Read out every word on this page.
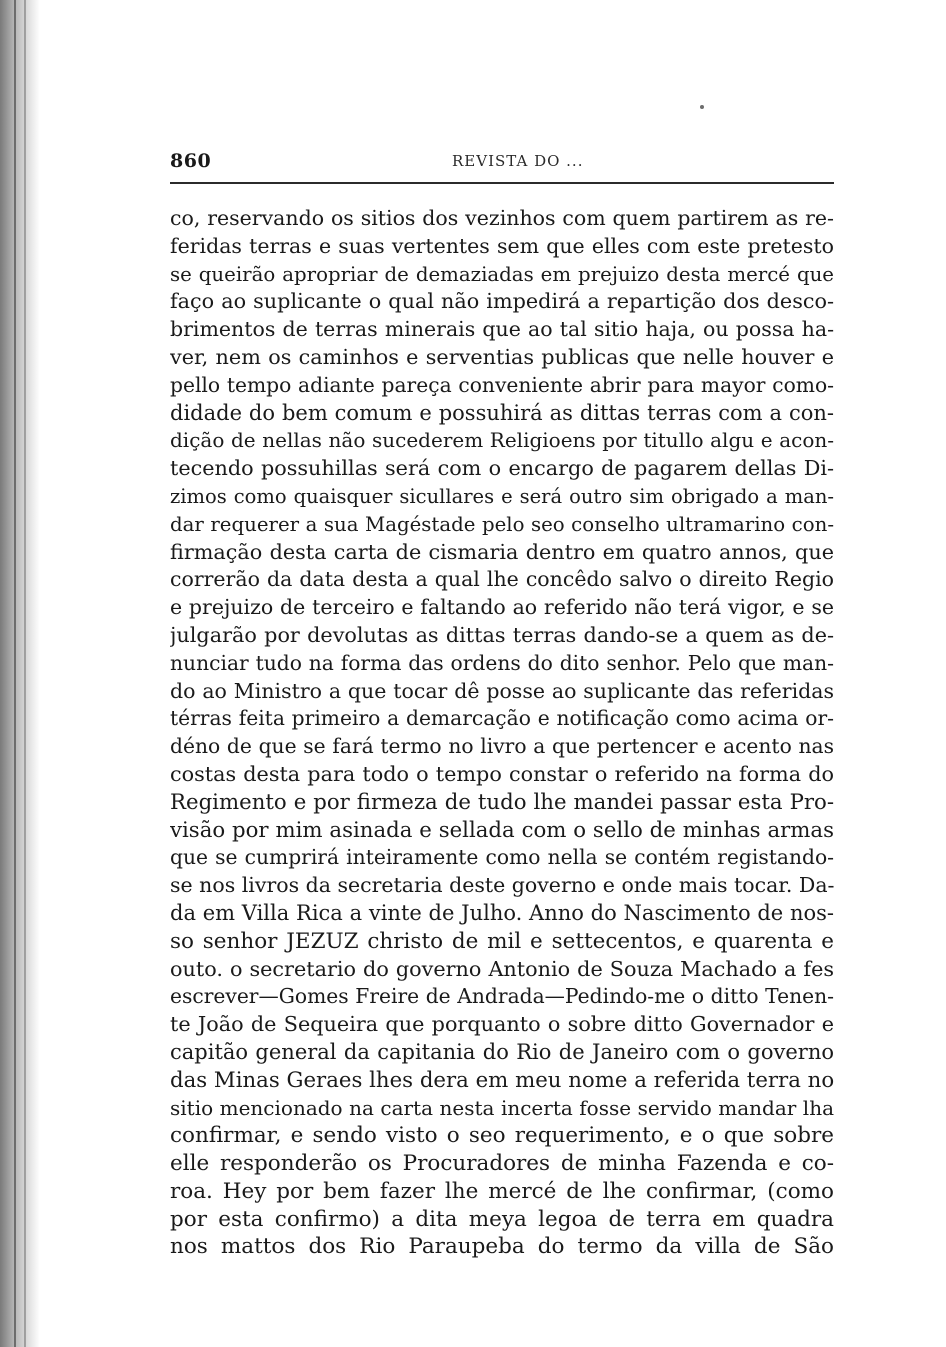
860	REVISTA DO ...
co, reservando os sitios dos vezinhos com quem partirem as re-
feridas terras e suas vertentes sem que elles com este pretesto
se queirão apropriar de demaziadas em prejuizo desta mercé que
faço ao suplicante o qual não impedirá a repartição dos desco-
brimentos de terras minerais que ao tal sitio haja, ou possa ha-
ver, nem os caminhos e serventias publicas que nelle houver e
pello tempo adiante pareça conveniente abrir para mayor como-
didade do bem comum e possuhirá as dittas terras com a con-
dição de nellas não sucederem Religioens por titullo algu e acon-
tecendo possuhillas será com o encargo de pagarem dellas Di-
zimos como quaisquer sicullares e será outro sim obrigado a man-
dar requerer a sua Magéstade pelo seo conselho ultramarino con-
firmação desta carta de cismaria dentro em quatro annos, que
correrão da data desta a qual lhe concêdo salvo o direito Regio
e prejuizo de terceiro e faltando ao referido não terá vigor, e se
julgarão por devolutas as dittas terras dando-se a quem as de-
nunciar tudo na forma das ordens do dito senhor. Pelo que man-
do ao Ministro a que tocar dê posse ao suplicante das referidas
térras feita primeiro a demarcação e notificação como acima or-
déno de que se fará termo no livro a que pertencer e acento nas
costas desta para todo o tempo constar o referido na forma do
Regimento e por firmeza de tudo lhe mandei passar esta Pro-
visão por mim asinada e sellada com o sello de minhas armas
que se cumprirá inteiramente como nella se contém registando-
se nos livros da secretaria deste governo e onde mais tocar. Da-
da em Villa Rica a vinte de Julho. Anno do Nascimento de nos-
so senhor JEZUZ christo de mil e settecentos, e quarenta e
outo. o secretario do governo Antonio de Souza Machado a fes
escrever—Gomes Freire de Andrada—Pedindo-me o ditto Tenen-
te João de Sequeira que porquanto o sobre ditto Governador e
capitão general da capitania do Rio de Janeiro com o governo
das Minas Geraes lhes dera em meu nome a referida terra no
sitio mencionado na carta nesta incerta fosse servido mandar lha
confirmar, e sendo visto o seo requerimento, e o que sobre
elle responderão os Procuradores de minha Fazenda e co-
roa. Hey por bem fazer lhe mercé de lhe confirmar, (como
por esta confirmo) a dita meya legoa de terra em quadra
nos mattos dos Rio Paraupeba do termo da villa de São
